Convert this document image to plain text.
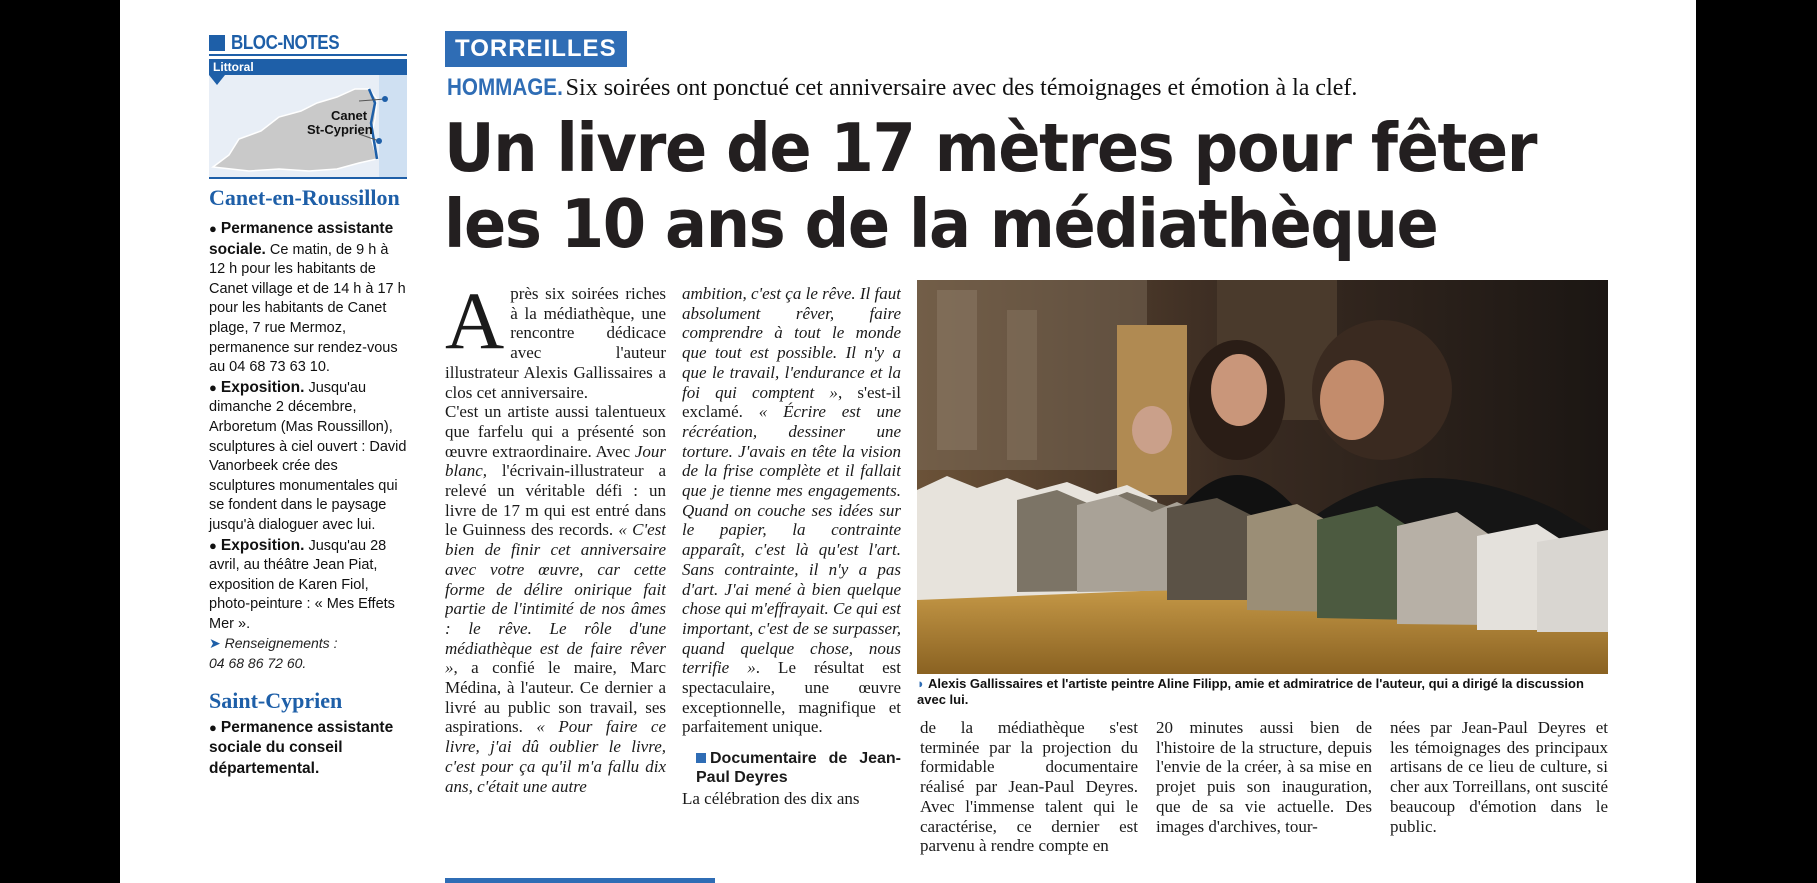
BLOC-NOTES
Littoral
Canet
St-Cyprien
Canet-en-Roussillon

● Permanence assistante sociale. Ce matin, de 9 h à 12 h pour les habitants de Canet village et de 14 h à 17 h pour les habitants de Canet plage, 7 rue Mermoz, permanence sur rendez-vous au 04 68 73 63 10.

● Exposition. Jusqu'au dimanche 2 décembre, Arboretum (Mas Roussillon), sculptures à ciel ouvert : David Vanorbeek crée des sculptures monumentales qui se fondent dans le paysage jusqu'à dialoguer avec lui.

● Exposition. Jusqu'au 28 avril, au théâtre Jean Piat, exposition de Karen Fiol, photo-peinture : « Mes Effets Mer ».

➤ Renseignements :
04 68 86 72 60.

Saint-Cyprien

● Permanence assistante sociale du conseil départemental.

TORREILLES
HOMMAGE. Six soirées ont ponctué cet anniversaire avec des témoignages et émotion à la clef.
Un livre de 17 mètres pour fêter
les 10 ans de la médiathèque

Après six soirées riches à la médiathèque, une rencontre dédicace avec l'auteur illustrateur Alexis Gallissaires a clos cet anniversaire.

C'est un artiste aussi talentueux que farfelu qui a présenté son œuvre extraordinaire. Avec Jour blanc, l'écrivain-illustrateur a relevé un véritable défi : un livre de 17 m qui est entré dans le Guinness des records. « C'est bien de finir cet anniversaire avec votre œuvre, car cette forme de délire onirique fait partie de l'intimité de nos âmes : le rêve. Le rôle d'une médiathèque est de faire rêver », a confié le maire, Marc Médina, à l'auteur. Ce dernier a livré au public son travail, ses aspirations. « Pour faire ce livre, j'ai dû oublier le livre, c'est pour ça qu'il m'a fallu dix ans, c'était une autre

ambition, c'est ça le rêve. Il faut absolument rêver, faire comprendre à tout le monde que tout est possible. Il n'y a que le travail, l'endurance et la foi qui comptent », s'est-il exclamé. « Écrire est une récréation, dessiner une torture. J'avais en tête la vision de la frise complète et il fallait que je tienne mes engagements. Quand on couche ses idées sur le papier, la contrainte apparaît, c'est là qu'est l'art. Sans contrainte, il n'y a pas d'art. J'ai mené à bien quelque chose qui m'effrayait. Ce qui est important, c'est de se surpasser, quand quelque chose, nous terrifie ». Le résultat est spectaculaire, une œuvre exceptionnelle, magnifique et parfaitement unique.

Documentaire de Jean-Paul Deyres

La célébration des dix ans

◗ Alexis Gallissaires et l'artiste peintre Aline Filipp, amie et admiratrice de l'auteur, qui a dirigé la discussion avec lui.

de la médiathèque s'est terminée par la projection du formidable documentaire réalisé par Jean-Paul Deyres. Avec l'immense talent qui le caractérise, ce dernier est parvenu à rendre compte en

20 minutes aussi bien de l'histoire de la structure, depuis l'envie de la créer, à sa mise en projet puis son inauguration, que de sa vie actuelle. Des images d'archives, tour-

nées par Jean-Paul Deyres et les témoignages des principaux artisans de ce lieu de culture, si cher aux Torreillans, ont suscité beaucoup d'émotion dans le public.
